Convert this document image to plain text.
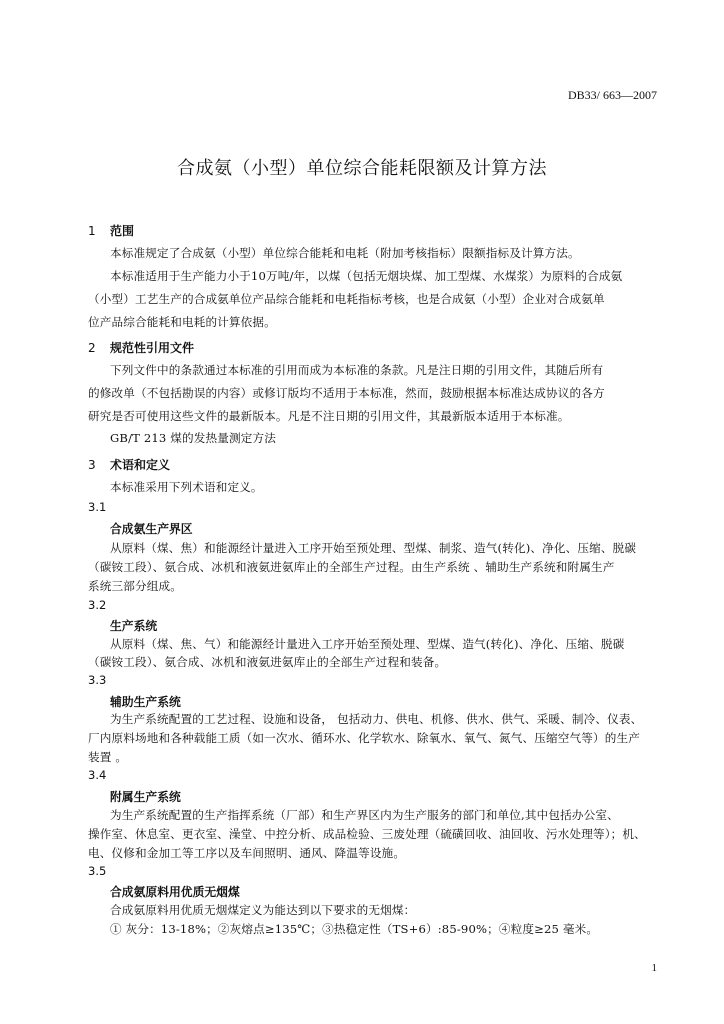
DB33/ 663—2007
合成氨（小型）单位综合能耗限额及计算方法
1 范围
本标准规定了合成氨（小型）单位综合能耗和电耗（附加考核指标）限额指标及计算方法。
本标准适用于生产能力小于10万吨/年，以煤（包括无烟块煤、加工型煤、水煤浆）为原料的合成氨
（小型）工艺生产的合成氨单位产品综合能耗和电耗指标考核，也是合成氨（小型）企业对合成氨单
位产品综合能耗和电耗的计算依据。
2 规范性引用文件
下列文件中的条款通过本标准的引用而成为本标准的条款。凡是注日期的引用文件，其随后所有
的修改单（不包括勘误的内容）或修订版均不适用于本标准，然而，鼓励根据本标准达成协议的各方
研究是否可使用这些文件的最新版本。凡是不注日期的引用文件，其最新版本适用于本标准。
GB/T 213 煤的发热量测定方法
3 术语和定义
本标准采用下列术语和定义。
3.1
合成氨生产界区
从原料（煤、焦）和能源经计量进入工序开始至预处理、型煤、制浆、造气(转化)、净化、压缩、脱碳
（碳铵工段）、氨合成、冰机和液氨进氨库止的全部生产过程。由生产系统 、辅助生产系统和附属生产
系统三部分组成。
3.2
生产系统
从原料（煤、焦、气）和能源经计量进入工序开始至预处理、型煤、造气(转化)、净化、压缩、脱碳
（碳铵工段）、氨合成、冰机和液氨进氨库止的全部生产过程和装备。
3.3
辅助生产系统
为生产系统配置的工艺过程、设施和设备， 包括动力、供电、机修、供水、供气、采暖、制冷、仪表、
厂内原料场地和各种载能工质（如一次水、循环水、化学软水、除氧水、氧气、氮气、压缩空气等）的生产
装置 。
3.4
附属生产系统
为生产系统配置的生产指挥系统（厂部）和生产界区内为生产服务的部门和单位,其中包括办公室、
操作室、休息室、更衣室、澡堂、中控分析、成品检验、三废处理（硫磺回收、油回收、污水处理等）；机、
电、仪修和金加工等工序以及车间照明、通风、降温等设施。
3.5
合成氨原料用优质无烟煤
合成氨原料用优质无烟煤定义为能达到以下要求的无烟煤：
① 灰分：13-18%；②灰熔点≥135℃；③热稳定性（TS+6）:85-90%；④粒度≥25 毫米。
1
